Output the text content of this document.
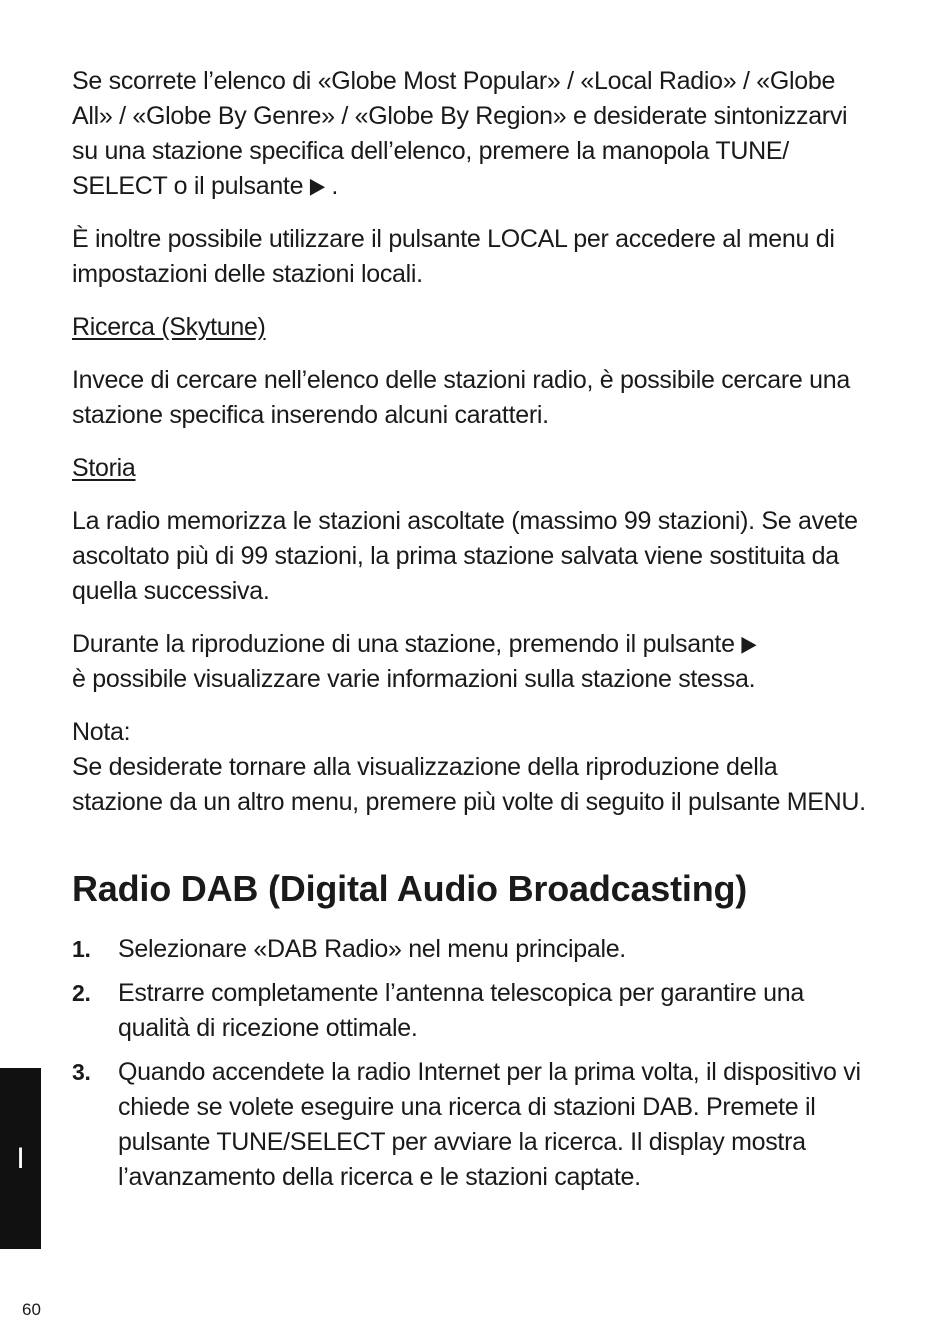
Se scorrete l’elenco di «Globe Most Popular» / «Local Radio» / «Globe All» / «Globe By Genre» / «Globe By Region» e desiderate sintonizzarvi su una stazione specifica dell’elenco, premere la manopola TUNE/ SELECT o il pulsante ▶ .

È inoltre possibile utilizzare il pulsante LOCAL per accedere al menu di impostazioni delle stazioni locali.

Ricerca (Skytune)

Invece di cercare nell’elenco delle stazioni radio, è possibile cercare una stazione specifica inserendo alcuni caratteri.

Storia

La radio memorizza le stazioni ascoltate (massimo 99 stazioni). Se avete ascoltato più di 99 stazioni, la prima stazione salvata viene sostituita da quella successiva.

Durante la riproduzione di una stazione, premendo il pulsante ▶
è possibile visualizzare varie informazioni sulla stazione stessa.

Nota:

Se desiderate tornare alla visualizzazione della riproduzione della stazione da un altro menu, premere più volte di seguito il pulsante MENU.

Radio DAB (Digital Audio Broadcasting)
1.	Selezionare «DAB Radio» nel menu principale.
2.	Estrarre completamente l’antenna telescopica per garantire una qualità di ricezione ottimale.
3.	Quando accendete la radio Internet per la prima volta, il dispositivo vi chiede se volete eseguire una ricerca di stazioni DAB. Premete il pulsante TUNE/SELECT per avviare la ricerca. Il display mostra l’avanzamento della ricerca e le stazioni captate.
I
60
